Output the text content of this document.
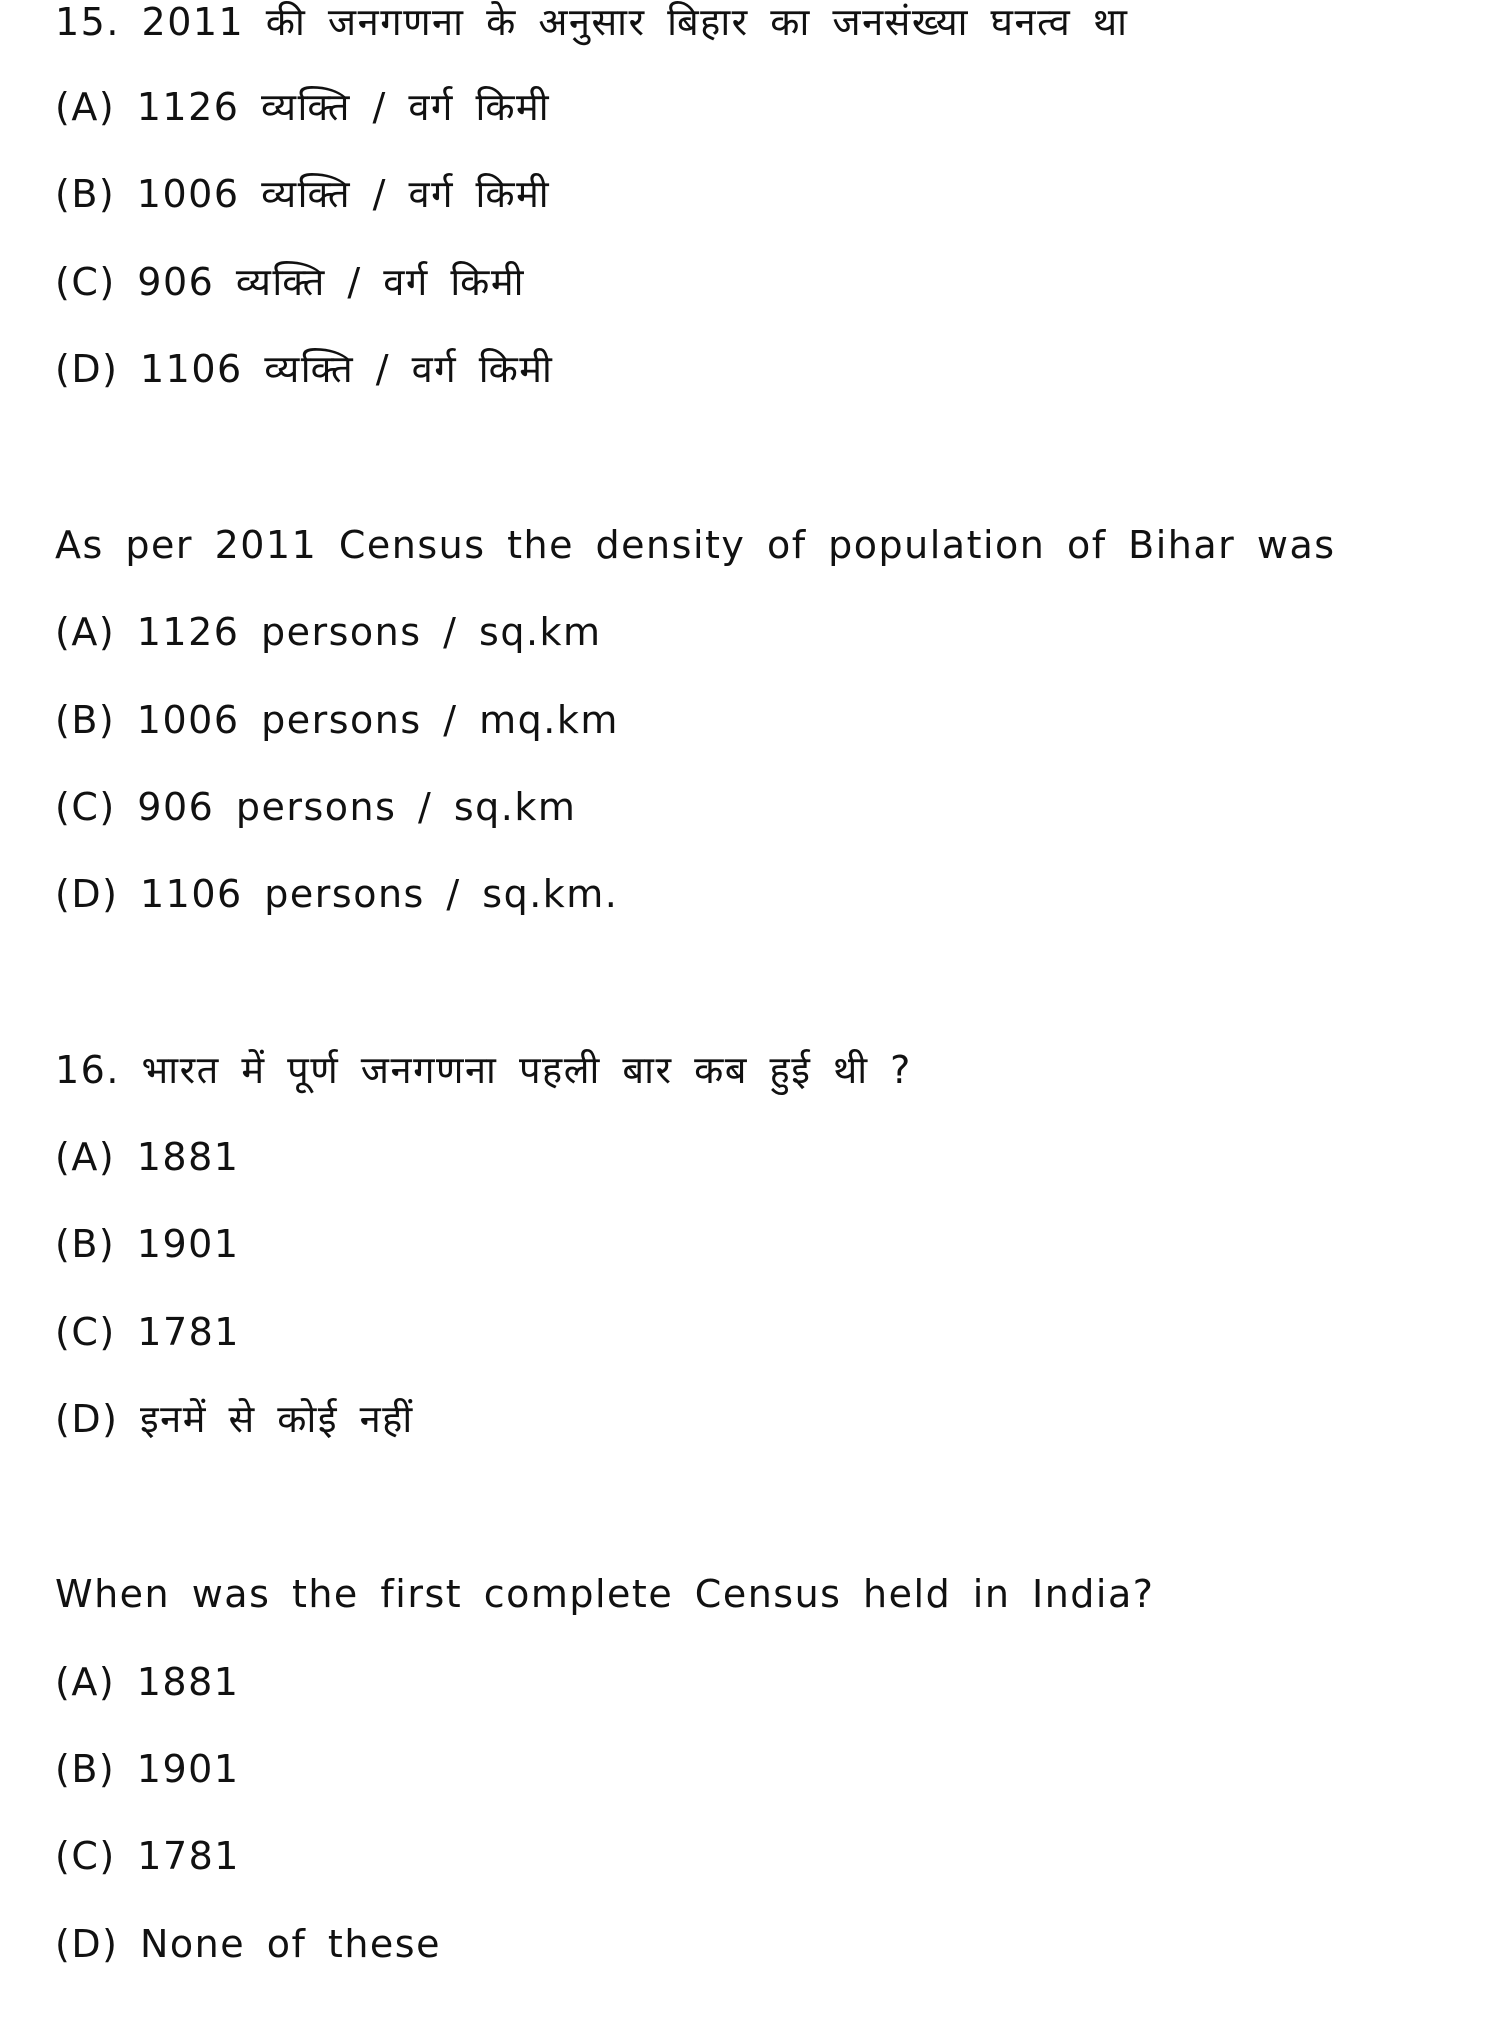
15. 2011 की जनगणना के अनुसार बिहार का जनसंख्या घनत्व था
(A) 1126 व्यक्ति / वर्ग किमी
(B) 1006 व्यक्ति / वर्ग किमी
(C) 906 व्यक्ति / वर्ग किमी
(D) 1106 व्यक्ति / वर्ग किमी
As per 2011 Census the density of population of Bihar was
(A) 1126 persons / sq.km
(B) 1006 persons / mq.km
(C) 906 persons / sq.km
(D) 1106 persons / sq.km.
16. भारत में पूर्ण जनगणना पहली बार कब हुई थी ?
(A) 1881
(B) 1901
(C) 1781
(D) इनमें से कोई नहीं
When was the first complete Census held in India?
(A) 1881
(B) 1901
(C) 1781
(D) None of these
